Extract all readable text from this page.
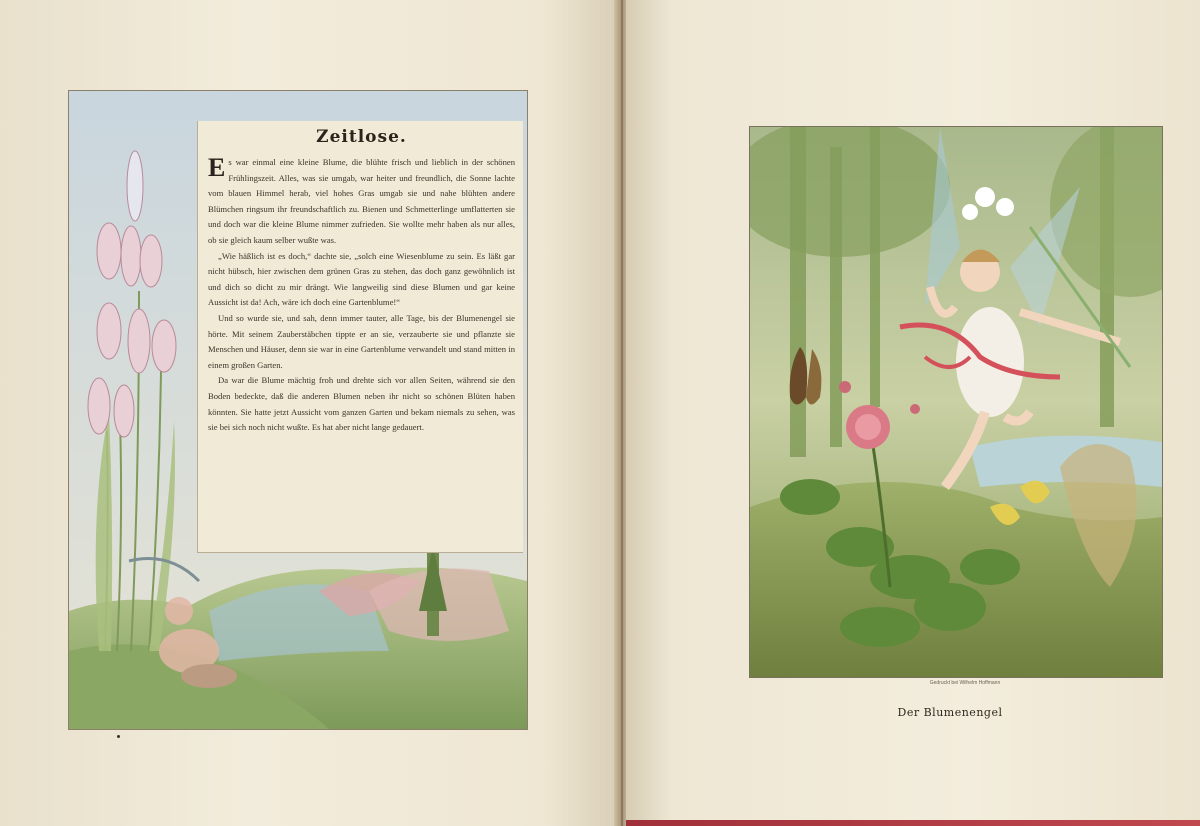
Zeitlose.

Es war einmal eine kleine Blume, die blühte frisch und lieblich in der schönen Frühlingszeit. Alles, was sie umgab, war heiter und freundlich, die Sonne lachte vom blauen Himmel herab, viel hohes Gras umgab sie und nahe blühten andere Blümchen ringsum ihr freundschaftlich zu. Bienen und Schmetterlinge umflatterten sie und doch war die kleine Blume nimmer zufrieden. Sie wollte mehr haben als nur alles, ob sie gleich kaum selber wußte was.

„Wie häßlich ist es doch,“ dachte sie, „solch eine Wiesenblume zu sein. Es läßt gar nicht hübsch, hier zwischen dem grünen Gras zu stehen, das doch ganz gewöhnlich ist und dich so dicht zu mir drängt. Wie langweilig sind diese Blumen und gar keine Aussicht ist da! Ach, wäre ich doch eine Gartenblume!“

Und so wurde sie, und sah, denn immer tauter, alle Tage, bis der Blumenengel sie hörte. Mit seinem Zauberstäbchen tippte er an sie, verzauberte sie und pflanzte sie Menschen und Häuser, denn sie war in eine Gartenblume verwandelt und stand mitten in einem großen Garten.

Da war die Blume mächtig froh und drehte sich vor allen Seiten, während sie den Boden bedeckte, daß die anderen Blumen neben ihr nicht so schönen Blüten haben könnten. Sie hatte jetzt Aussicht vom ganzen Garten und bekam niemals zu sehen, was sie bei sich noch nicht wußte. Es hat aber nicht lange gedauert.

Gedruckt bei Wilhelm Hoffmann
Der Blumenengel
